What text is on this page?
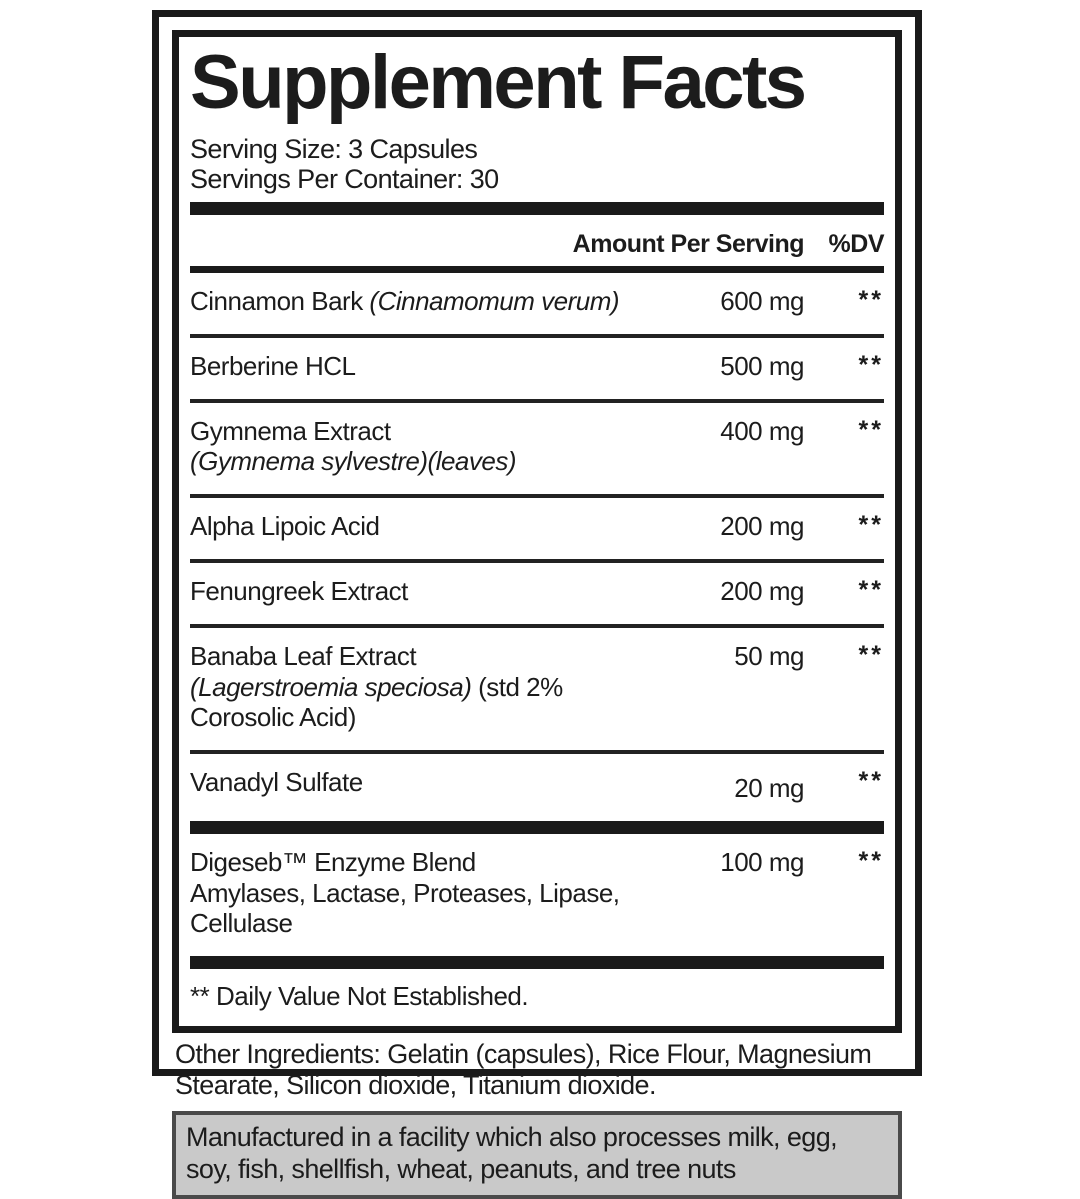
Supplement Facts
Serving Size: 3 Capsules
Servings Per Container: 30
Amount Per Serving %DV
Cinnamon Bark (Cinnamomum verum)	600 mg	**
Berberine HCL	500 mg	**
Gymnema Extract
(Gymnema sylvestre)(leaves)
400 mg	**
Alpha Lipoic Acid	200 mg	**
Fenungreek Extract	200 mg	**
Banaba Leaf Extract
(Lagerstroemia speciosa) (std 2% Corosolic Acid)
50 mg	**
Vanadyl Sulfate	20 mg	**
Digeseb™ Enzyme Blend
Amylases, Lactase, Proteases, Lipase, Cellulase
100 mg	**
** Daily Value Not Established.
Other Ingredients: Gelatin (capsules), Rice Flour, Magnesium Stearate, Silicon dioxide, Titanium dioxide.
Manufactured in a facility which also processes milk, egg, soy, fish, shellfish, wheat, peanuts, and tree nuts
